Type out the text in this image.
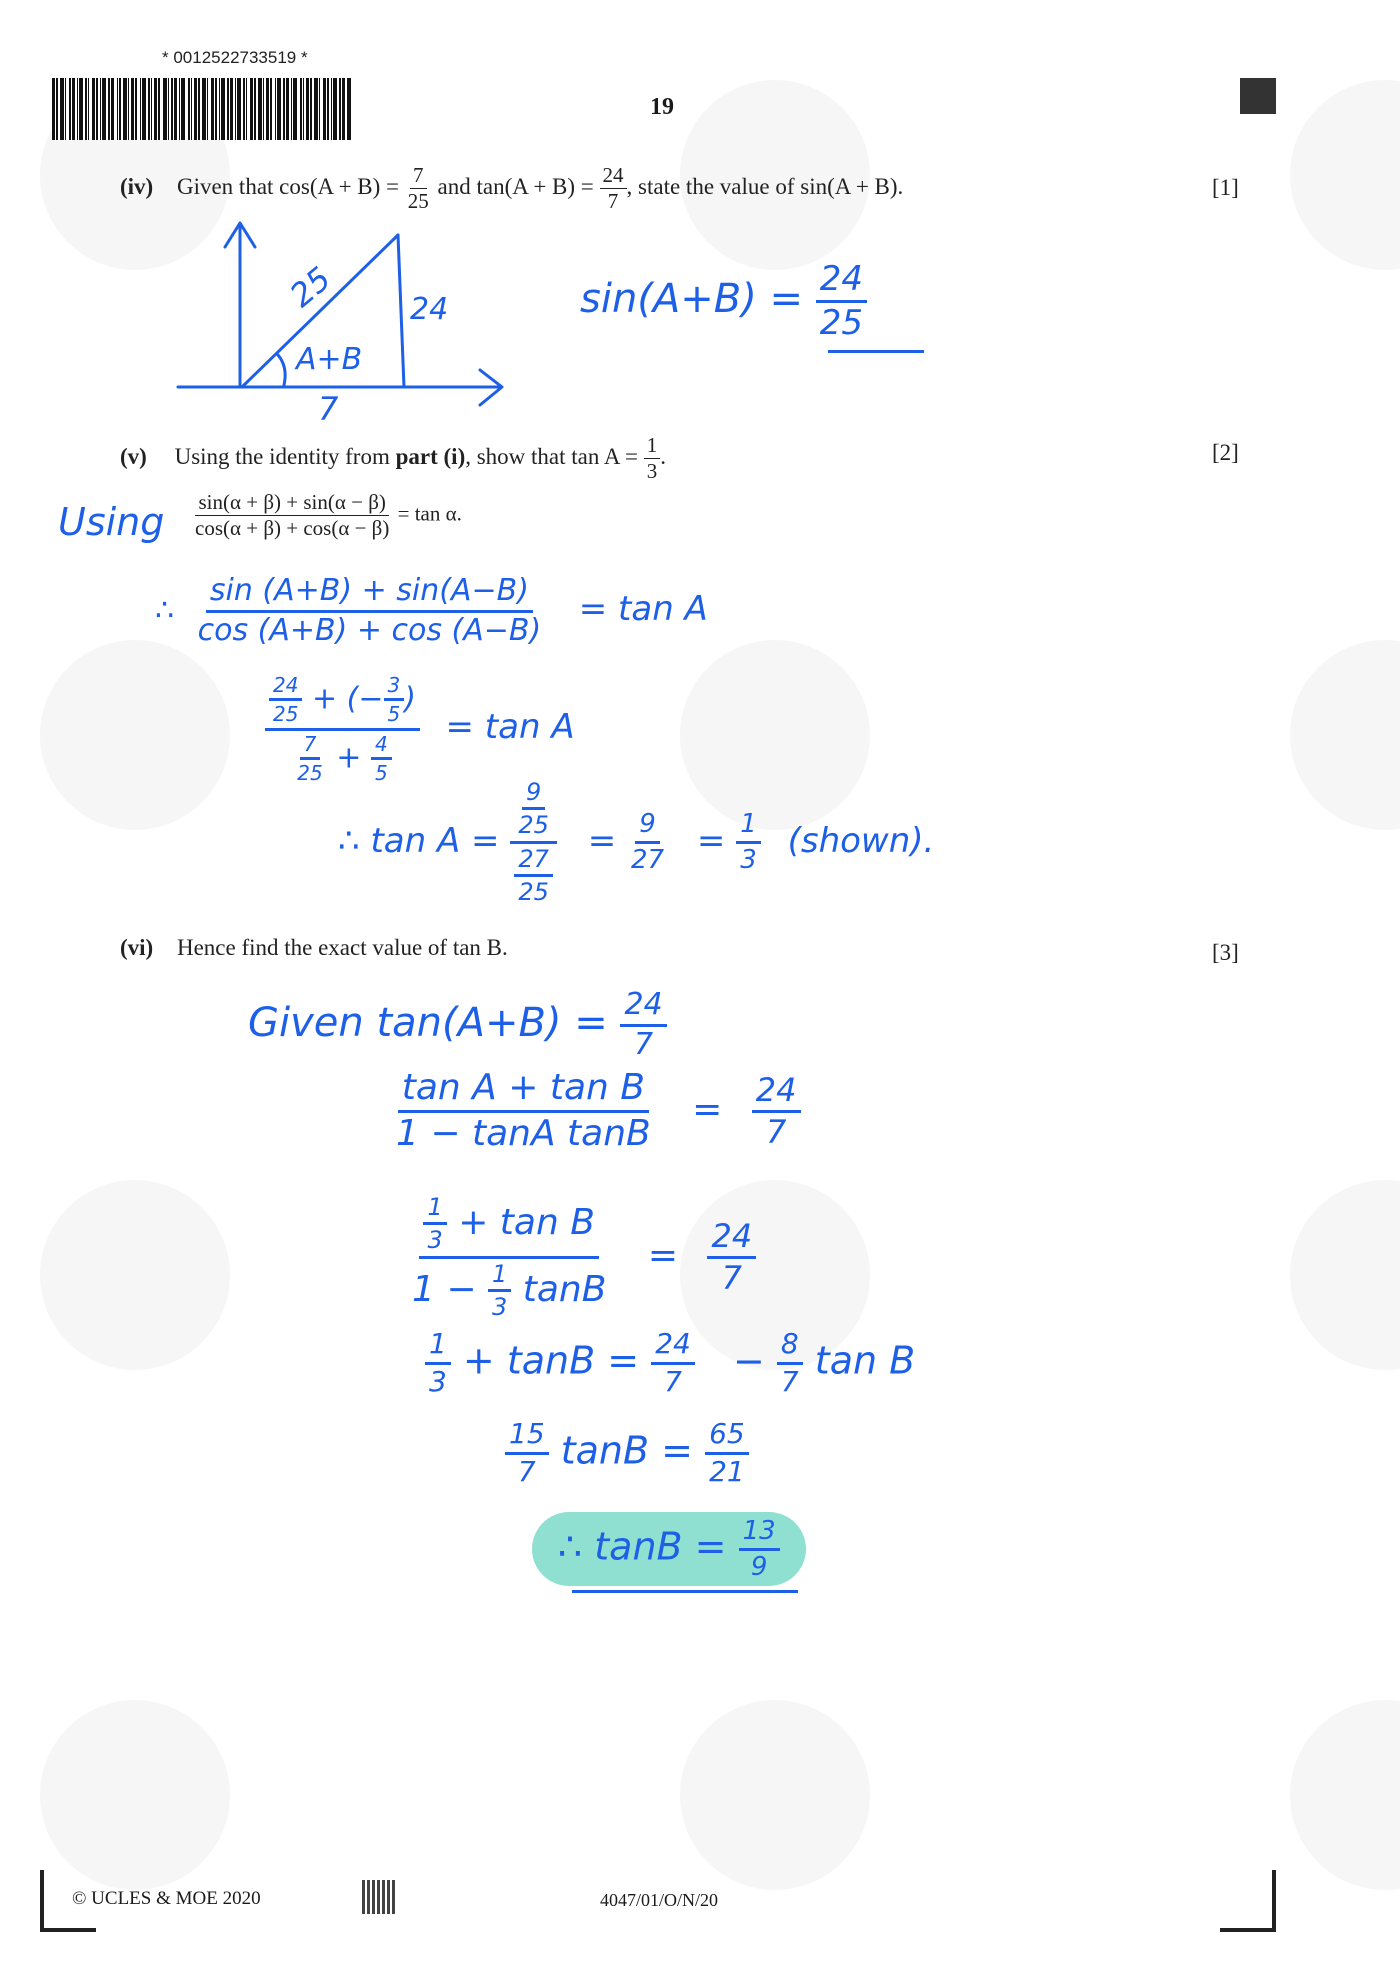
* 0012522733519 *
19
(iv) Given that $\cos(A + B) = \frac{7}{25}$ and $\tan(A + B) = \frac{24}{7}$ , state the value of sin(A + B).	[1]
25 24
A+B
7
$\sin(A+B) = \frac{24}{25}$
(v) Using the identity from part (i), show that $\tan A = \frac{1}{3}$ .	[2]
Using $\frac{\sin(\alpha + \beta) + \sin(\alpha - \beta)}{\cos(\alpha + \beta) + \cos(\alpha - \beta)} = \tan \alpha$.
∴ $\frac{\sin (A+B) + \sin(A-B)}{\cos (A+B) + \cos (A-B)} = \tan A$
$\frac{\frac{24}{25} + (- \frac{3}{5} )}{\frac{7}{25} + \frac{4}{5}} = \tan A$
∴ $\tan A = \frac{\frac{9}{25}}{\frac{27}{25}} = \frac{9}{27} = \frac{1}{3}$ (shown).
(vi) Hence find the exact value of tan B.	[3]
Given $\tan(A+B) = \frac{24}{7}$
$\frac{\text{tan A + tan B}}{\text{1 − tanA tanB}} = \frac{24}{7}$
$\frac{\frac{1}{3} + \tan B}{1 - \frac{1}{3} \tan B} = \frac{24}{7}$
$\frac{1}{3} + \tan B = \frac{24}{7} - \frac{8}{7}$ tan B
$\frac{15}{7}$ $\tan B = \frac{65}{21}$
∴ $\tan B = \frac{13}{9}$
© UCLES & MOE 2020	4047/01/O/N/20
